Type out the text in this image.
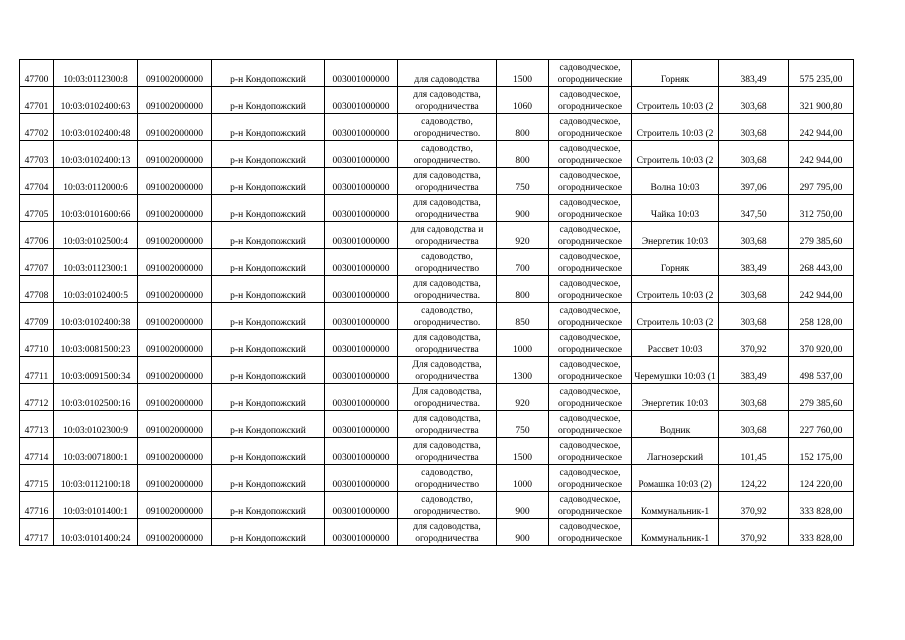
47700	10:03:0112300:8	091002000000	р-н Кондопожский	003001000000	для садоводства	1500	садоводческое, огороднические	Горняк	383,49	575 235,00
47701	10:03:0102400:63	091002000000	р-н Кондопожский	003001000000	для садоводства, огородничества	1060	садоводческое, огородническое	Строитель 10:03 (2	303,68	321 900,80
47702	10:03:0102400:48	091002000000	р-н Кондопожский	003001000000	садоводство, огородничество.	800	садоводческое, огородническое	Строитель 10:03 (2	303,68	242 944,00
47703	10:03:0102400:13	091002000000	р-н Кондопожский	003001000000	садоводство, огородничество.	800	садоводческое, огородническое	Строитель 10:03 (2	303,68	242 944,00
47704	10:03:0112000:6	091002000000	р-н Кондопожский	003001000000	для садоводства, огородничества	750	садоводческое, огородническое	Волна 10:03	397,06	297 795,00
47705	10:03:0101600:66	091002000000	р-н Кондопожский	003001000000	для садоводства, огородничества	900	садоводческое, огородническое	Чайка 10:03	347,50	312 750,00
47706	10:03:0102500:4	091002000000	р-н Кондопожский	003001000000	для садоводства и огородничества	920	садоводческое, огородническое	Энергетик 10:03	303,68	279 385,60
47707	10:03:0112300:1	091002000000	р-н Кондопожский	003001000000	садоводство, огородничество	700	садоводческое, огородническое	Горняк	383,49	268 443,00
47708	10:03:0102400:5	091002000000	р-н Кондопожский	003001000000	для садоводства, огородничества.	800	садоводческое, огородническое	Строитель 10:03 (2	303,68	242 944,00
47709	10:03:0102400:38	091002000000	р-н Кондопожский	003001000000	садоводство, огородничество.	850	садоводческое, огородническое	Строитель 10:03 (2	303,68	258 128,00
47710	10:03:0081500:23	091002000000	р-н Кондопожский	003001000000	для садоводства, огородничества	1000	садоводческое, огородническое	Рассвет 10:03	370,92	370 920,00
47711	10:03:0091500:34	091002000000	р-н Кондопожский	003001000000	Для садоводства, огородничества	1300	садоводческое, огородническое	Черемушки 10:03 (1	383,49	498 537,00
47712	10:03:0102500:16	091002000000	р-н Кондопожский	003001000000	Для садоводства, огородничества.	920	садоводческое, огородническое	Энергетик 10:03	303,68	279 385,60
47713	10:03:0102300:9	091002000000	р-н Кондопожский	003001000000	для садоводства, огородничества	750	садоводческое, огородническое	Водник	303,68	227 760,00
47714	10:03:0071800:1	091002000000	р-н Кондопожский	003001000000	для садоводства, огородничества	1500	садоводческое, огородническое	Лагнозерский	101,45	152 175,00
47715	10:03:0112100:18	091002000000	р-н Кондопожский	003001000000	садоводство, огородничество	1000	садоводческое, огородническое	Ромашка 10:03 (2)	124,22	124 220,00
47716	10:03:0101400:1	091002000000	р-н Кондопожский	003001000000	садоводство, огородничество.	900	садоводческое, огородническое	Коммунальник-1	370,92	333 828,00
47717	10:03:0101400:24	091002000000	р-н Кондопожский	003001000000	для садоводства, огородничества	900	садоводческое, огородническое	Коммунальник-1	370,92	333 828,00
